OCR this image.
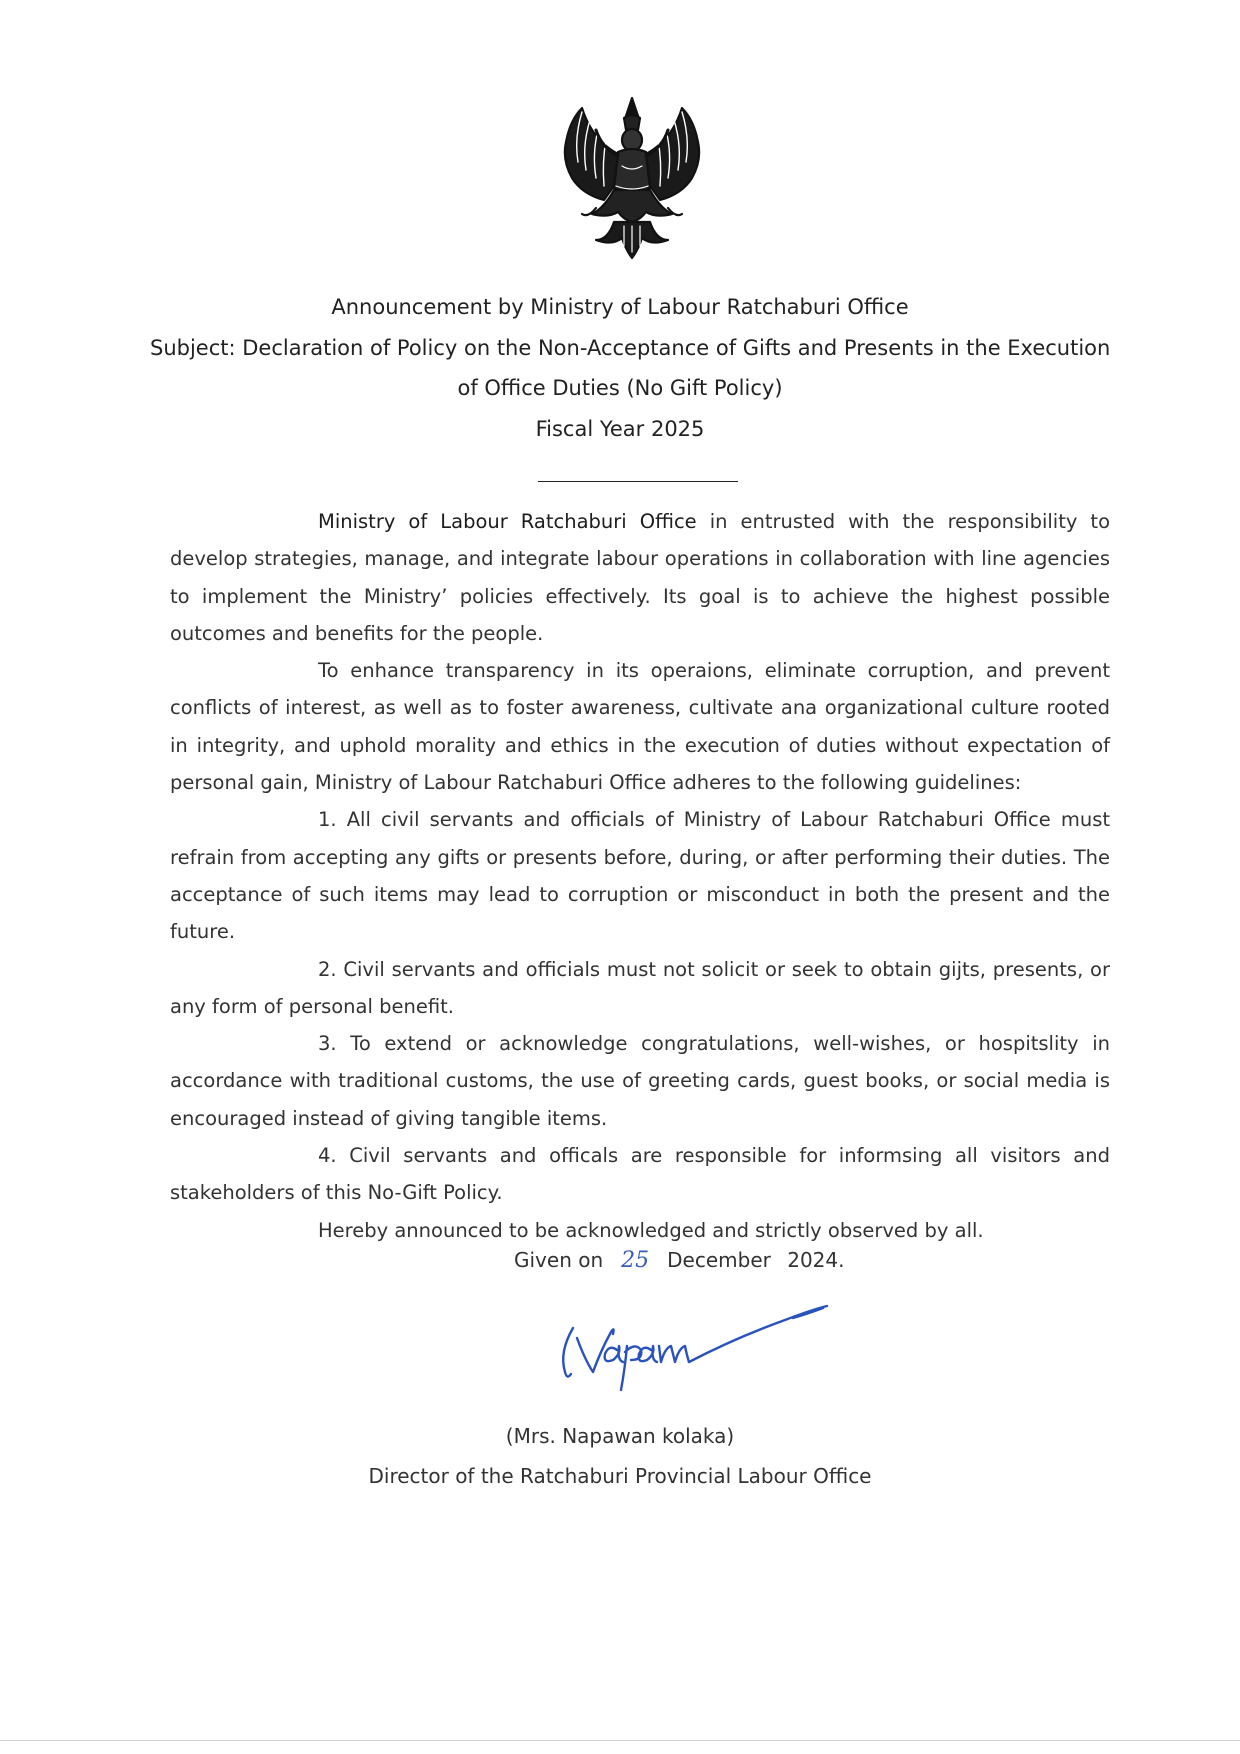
Announcement by Ministry of Labour Ratchaburi Office
Subject: Declaration of Policy on the Non-Acceptance of Gifts and Presents in the Execution
of Office Duties (No Gift Policy)
Fiscal Year 2025

Ministry of Labour Ratchaburi Office in entrusted with the responsibility to develop strategies, manage, and integrate labour operations in collaboration with line agencies to implement the Ministry’ policies effectively. Its goal is to achieve the highest possible outcomes and benefits for the people.

To enhance transparency in its operaions, eliminate corruption, and prevent conflicts of interest, as well as to foster awareness, cultivate ana organizational culture rooted in integrity, and uphold morality and ethics in the execution of duties without expectation of personal gain, Ministry of Labour Ratchaburi Office adheres to the following guidelines:

1. All civil servants and officials of Ministry of Labour Ratchaburi Office must refrain from accepting any gifts or presents before, during, or after performing their duties. The acceptance of such items may lead to corruption or misconduct in both the present and the future.

2. Civil servants and officials must not solicit or seek to obtain gijts, presents, or any form of personal benefit.

3. To extend or acknowledge congratulations, well-wishes, or hospitslity in accordance with traditional customs, the use of greeting cards, guest books, or social media is encouraged instead of giving tangible items.

4. Civil servants and officals are responsible for informsing all visitors and stakeholders of this No-Gift Policy.

Hereby announced to be acknowledged and strictly observed by all.

Given on 25 December 2024.
(Mrs. Napawan kolaka)
Director of the Ratchaburi Provincial Labour Office
